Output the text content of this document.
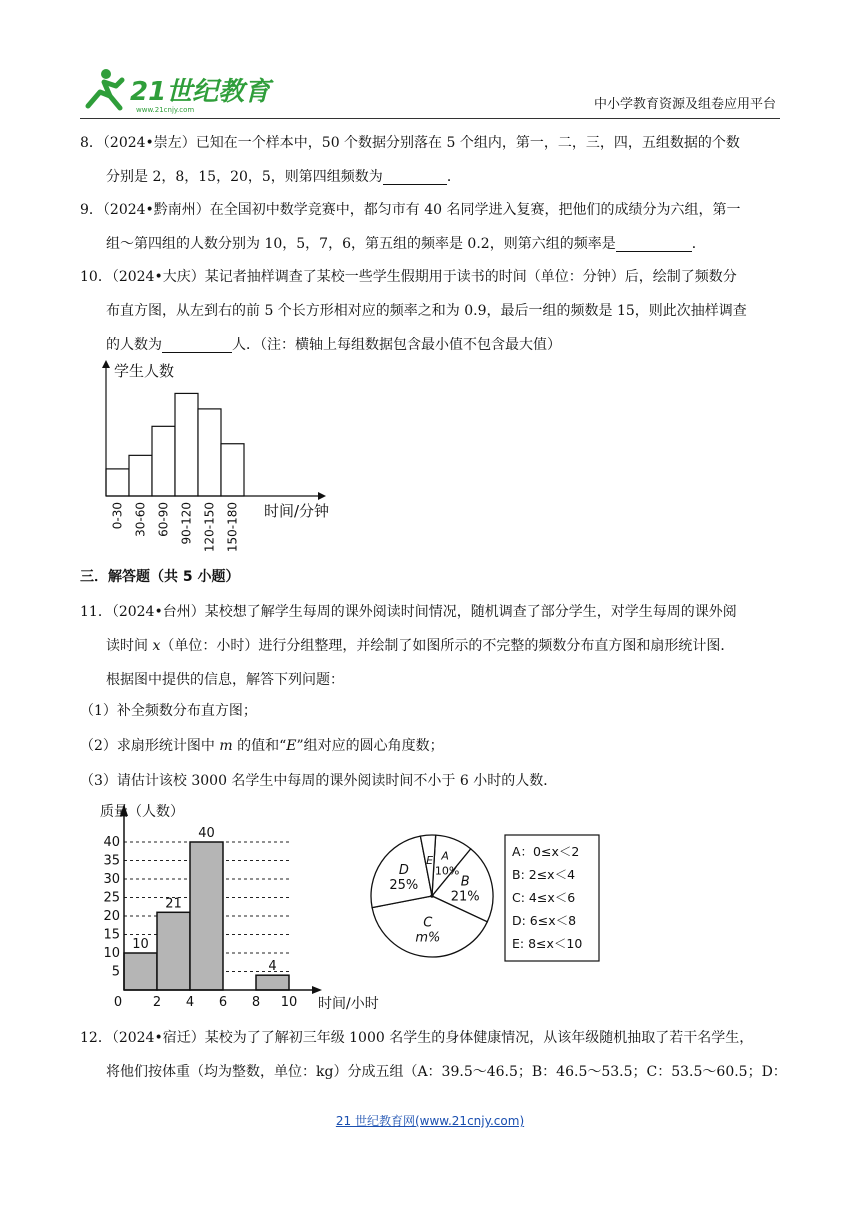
21世纪教育
www.21cnjy.com	中小学教育资源及组卷应用平台
8．（2024•崇左）已知在一个样本中，50 个数据分别落在 5 个组内，第一，二，三，四，五组数据的个数
分别是 2，8，15，20，5，则第四组频数为	．
9．（2024•黔南州）在全国初中数学竞赛中，都匀市有 40 名同学进入复赛，把他们的成绩分为六组，第一
组～第四组的人数分别为 10，5，7，6，第五组的频率是 0.2，则第六组的频率是	．
10．（2024•大庆）某记者抽样调查了某校一些学生假期用于读书的时间（单位：分钟）后，绘制了频数分
布直方图，从左到右的前 5 个长方形相对应的频率之和为 0.9，最后一组的频数是 15，则此次抽样调查
的人数为	人．（注：横轴上每组数据包含最小值不包含最大值）
学生人数
时间/分钟
0-30 30-60 60-90 90-120 120-150 150-180
三．解答题（共 5 小题）
11．（2024•台州）某校想了解学生每周的课外阅读时间情况，随机调查了部分学生，对学生每周的课外阅
读时间 x（单位：小时）进行分组整理，并绘制了如图所示的不完整的频数分布直方图和扇形统计图．
根据图中提供的信息，解答下列问题：
（1）补全频数分布直方图；
（2）求扇形统计图中 m 的值和“E”组对应的圆心角度数；
（3）请估计该校 3000 名学生中每周的课外阅读时间不小于 6 小时的人数．
10
21
40
4
质量（人数）
时间/小时
5
10
15
20
25
30
35
40
0 2 4 6 8 10
A
10%
B
21%
C
m%
D
25%
E
A：0≤x＜2
B: 2≤x＜4
C: 4≤x＜6
D: 6≤x＜8
E: 8≤x＜10
12．（2024•宿迁）某校为了了解初三年级 1000 名学生的身体健康情况，从该年级随机抽取了若干名学生，
将他们按体重（均为整数，单位：kg）分成五组（A：39.5～46.5；B：46.5～53.5；C：53.5～60.5；D：
21 世纪教育网(www.21cnjy.com)
